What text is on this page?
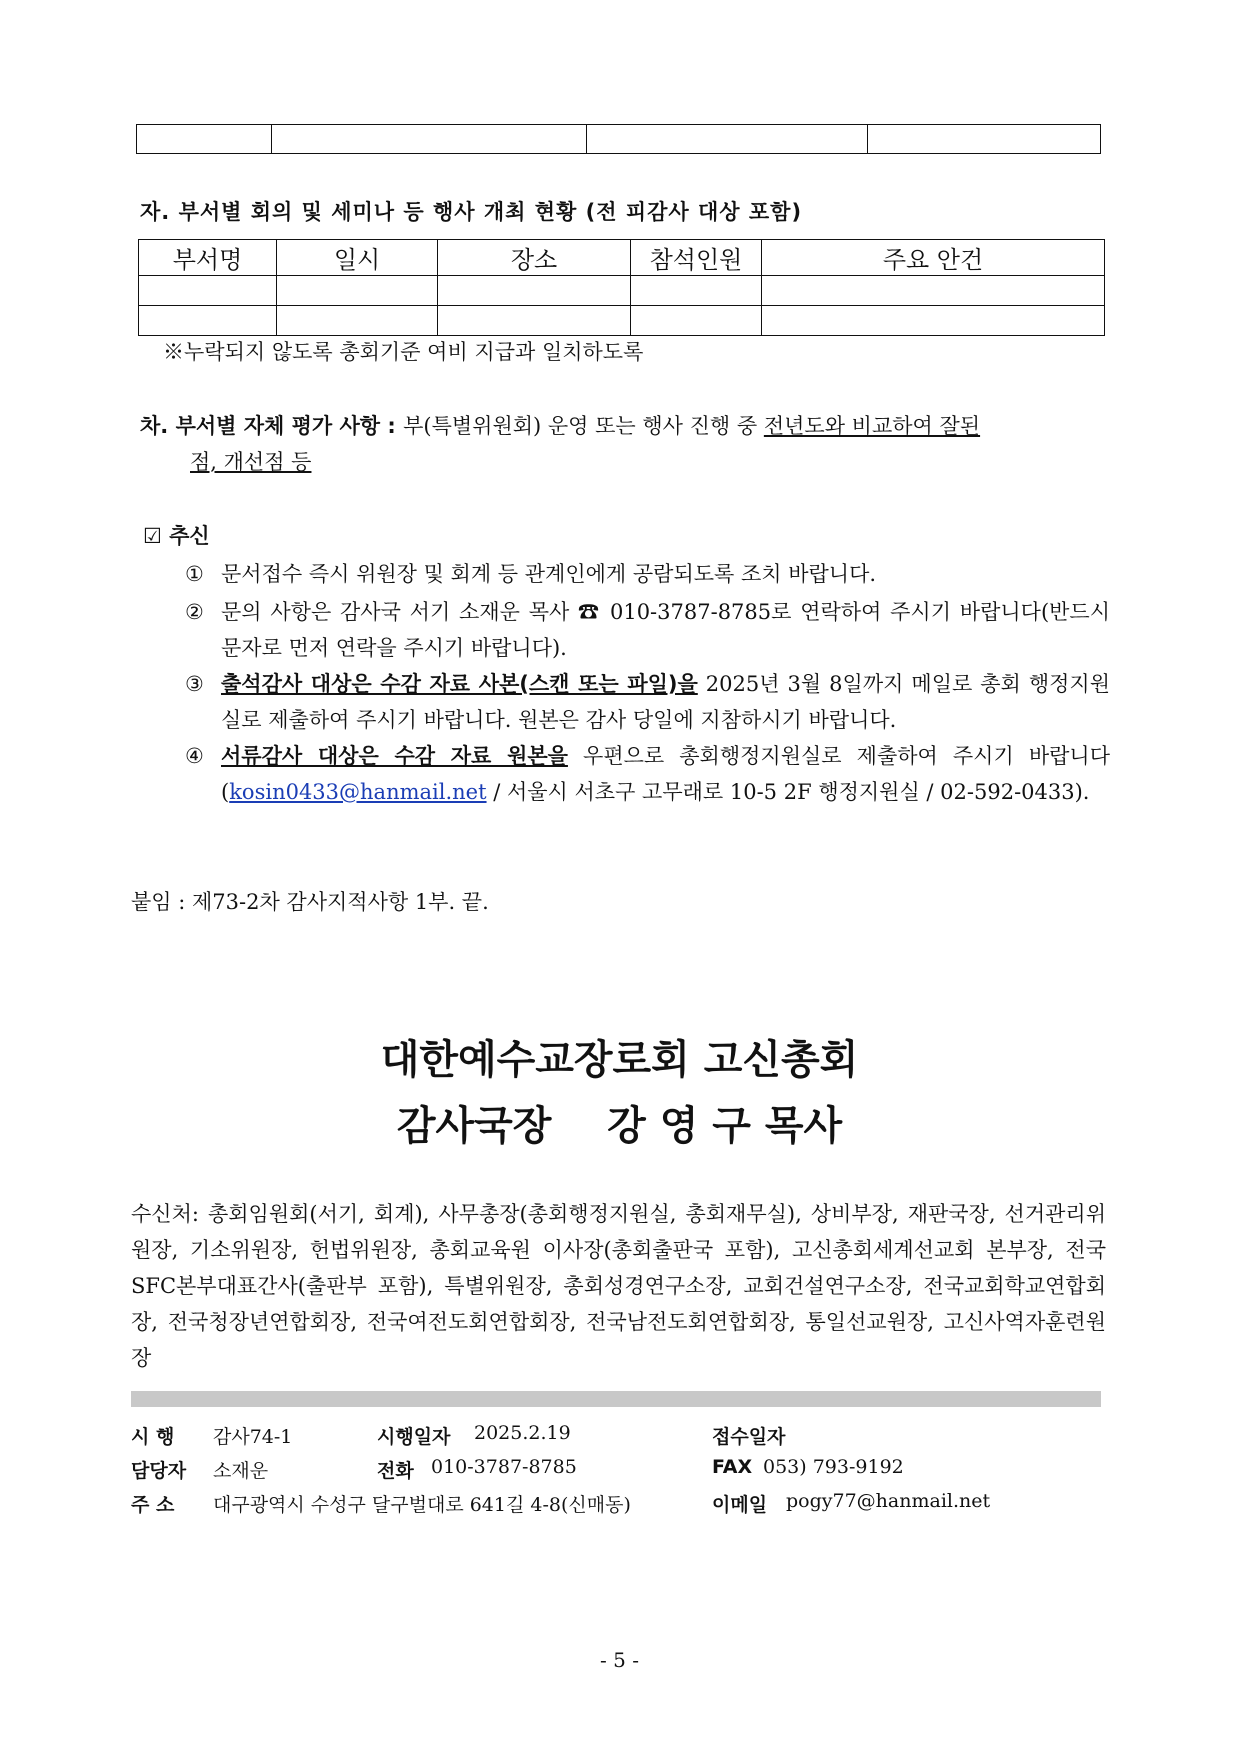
자. 부서별 회의 및 세미나 등 행사 개최 현황 (전 피감사 대상 포함)
부서명	일시	장소	참석인원	주요 안건

※누락되지 않도록 총회기준 여비 지급과 일치하도록
차. 부서별 자체 평가 사항 : 부(특별위원회) 운영 또는 행사 진행 중 전년도와 비교하여 잘된
점, 개선점 등
☑ 추신
① 문서접수 즉시 위원장 및 회계 등 관계인에게 공람되도록 조치 바랍니다.
② 문의 사항은 감사국 서기 소재운 목사 ☎ 010-3787-8785로 연락하여 주시기 바랍니다(반드시 문자로 먼저 연락을 주시기 바랍니다).
③ 출석감사 대상은 수감 자료 사본(스캔 또는 파일)을 2025년 3월 8일까지 메일로 총회 행정지원실로 제출하여 주시기 바랍니다. 원본은 감사 당일에 지참하시기 바랍니다.
④ 서류감사 대상은 수감 자료 원본을 우편으로 총회행정지원실로 제출하여 주시기 바랍니다(kosin0433@hanmail.net / 서울시 서초구 고무래로 10-5 2F 행정지원실 / 02-592-0433).
붙임 : 제73-2차 감사지적사항 1부. 끝.
대한예수교장로회 고신총회
감사국장    강 영 구 목사
수신처: 총회임원회(서기, 회계), 사무총장(총회행정지원실, 총회재무실), 상비부장, 재판국장, 선거관리위원장, 기소위원장, 헌법위원장, 총회교육원 이사장(총회출판국 포함), 고신총회세계선교회 본부장, 전국SFC본부대표간사(출판부 포함), 특별위원장, 총회성경연구소장, 교회건설연구소장, 전국교회학교연합회장, 전국청장년연합회장, 전국여전도회연합회장, 전국남전도회연합회장, 통일선교원장, 고신사역자훈련원장
시 행 감사74-1	시행일자 2025.2.19	접수일자
담당자 소재운	전화 010-3787-8785	FAX 053) 793-9192
주 소 대구광역시 수성구 달구벌대로 641길 4-8(신매동)	이메일 pogy77@hanmail.net
- 5 -
